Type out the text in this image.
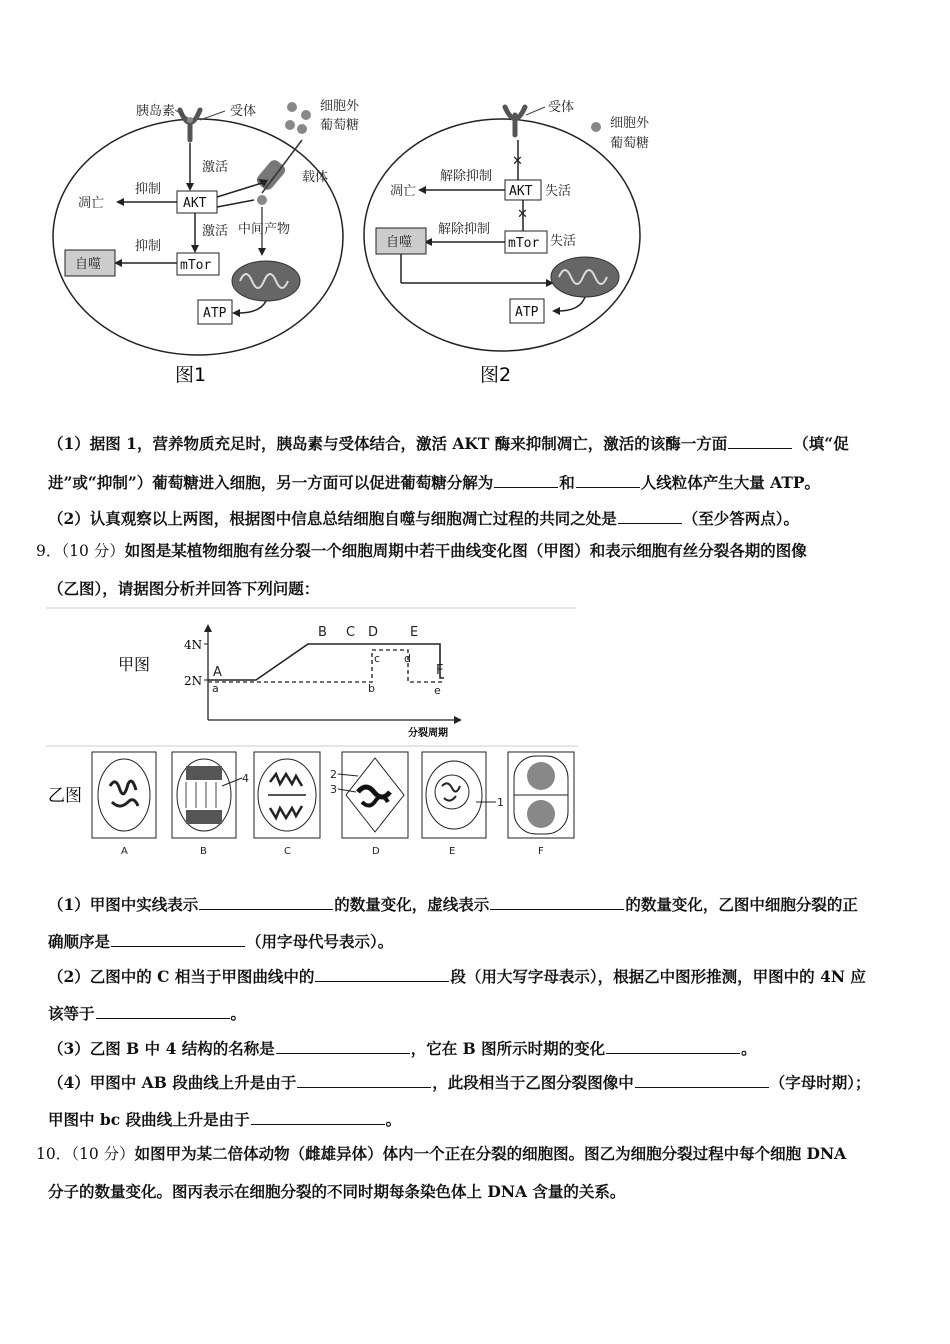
胰岛素	受体	细胞外
葡萄糖
载体
激活
AKT
抑制
凋亡
中间产物
激活
mTor
抑制
自噬
ATP
图1
受体
细胞外
葡萄糖
✕
AKT 失活
解除抑制
凋亡
✕
mTor 失活
解除抑制
自噬
ATP
图2
（1）据图 1，营养物质充足时，胰岛素与受体结合，激活 AKT 酶来抑制凋亡，激活的该酶一方面	（填“促
进”或“抑制”）葡萄糖进入细胞，另一方面可以促进葡萄糖分解为	和	人线粒体产生大量 ATP。
（2）认真观察以上两图，根据图中信息总结细胞自噬与细胞凋亡过程的共同之处是	（至少答两点）。
9．（10 分）如图是某植物细胞有丝分裂一个细胞周期中若干曲线变化图（甲图）和表示细胞有丝分裂各期的图像
（乙图），请据图分析并回答下列问题：
甲图
4N
2N
A
B C D E
F
a	b
c d
e
分裂周期
乙图
4	2
3
1
A	B	C	D	E	F
（1）甲图中实线表示	的数量变化，虚线表示	的数量变化，乙图中细胞分裂的正
确顺序是	（用字母代号表示）。
（2）乙图中的 C 相当于甲图曲线中的	段（用大写字母表示），根据乙中图形推测，甲图中的 4N 应
该等于	。
（3）乙图 B 中 4 结构的名称是	，它在 B 图所示时期的变化	。
（4）甲图中 AB 段曲线上升是由于	，此段相当于乙图分裂图像中	（字母时期）；
甲图中 bc 段曲线上升是由于	。
10．（10 分）如图甲为某二倍体动物（雌雄异体）体内一个正在分裂的细胞图。图乙为细胞分裂过程中每个细胞 DNA
分子的数量变化。图丙表示在细胞分裂的不同时期每条染色体上 DNA 含量的关系。
